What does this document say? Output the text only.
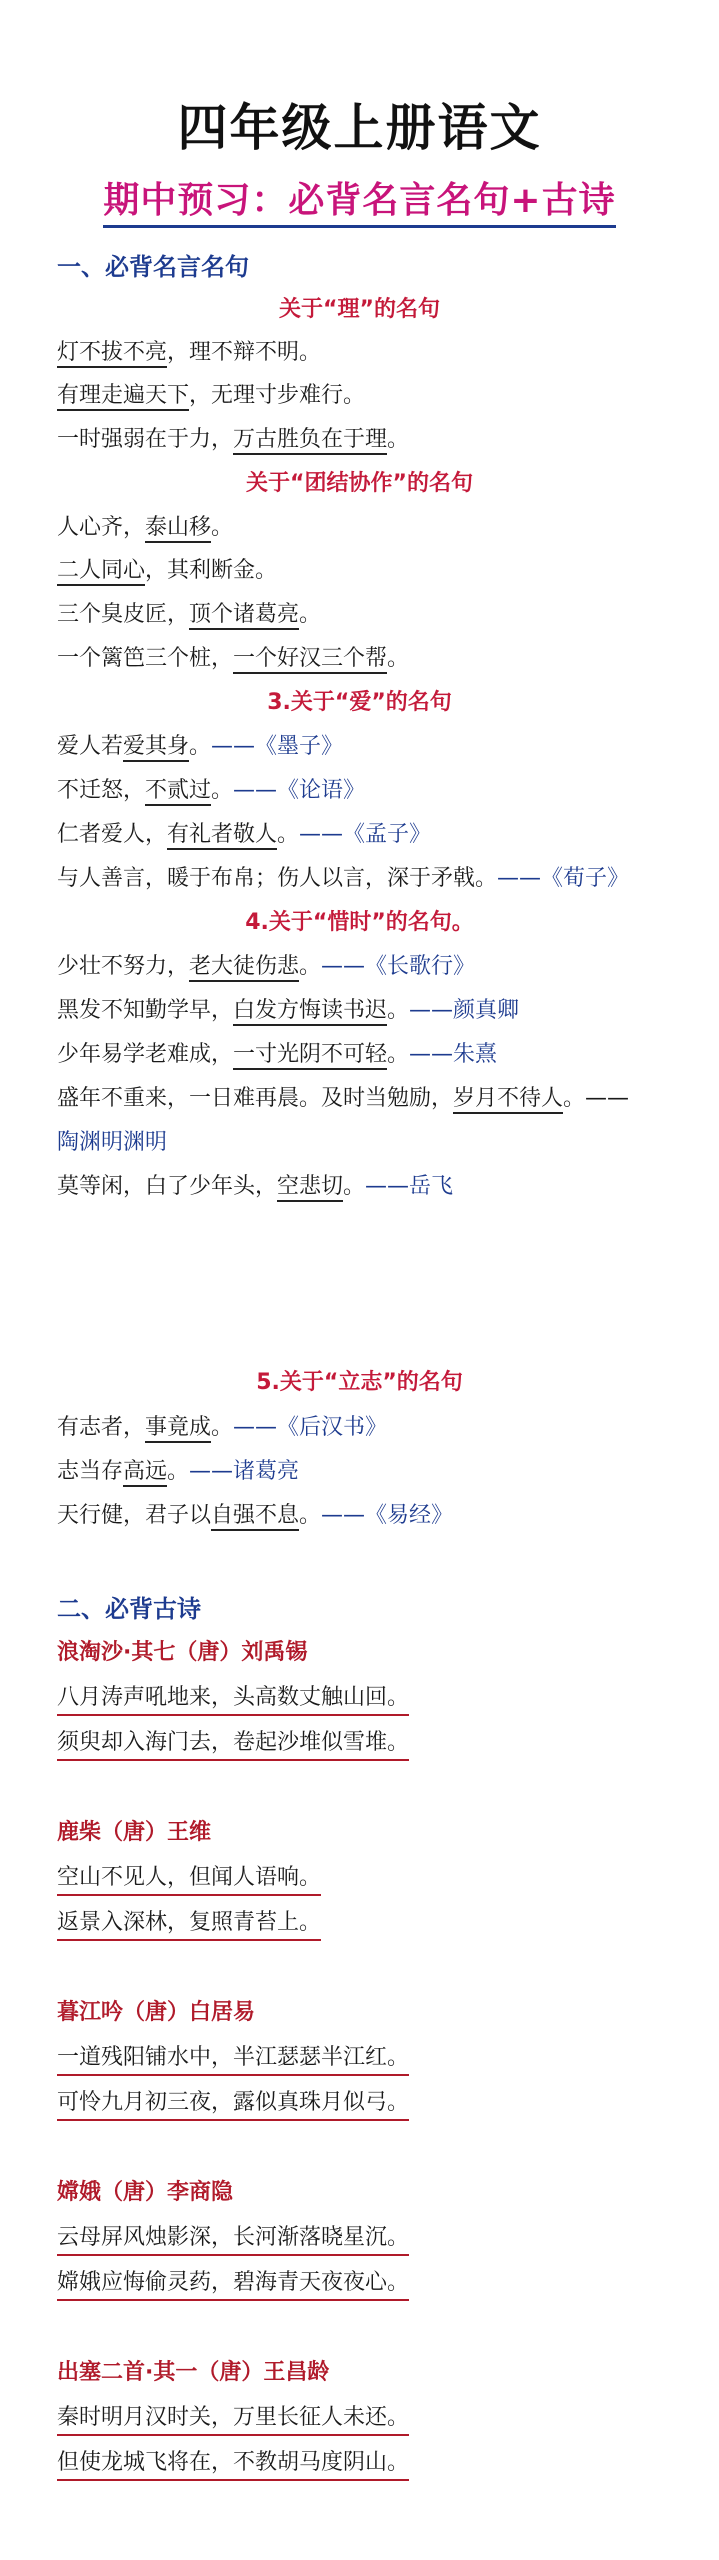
四年级上册语文
期中预习：必背名言名句+古诗
一、必背名言名句
关于“理”的名句
灯不拔不亮，理不辩不明。
有理走遍天下，无理寸步难行。
一时强弱在于力，万古胜负在于理。
关于“团结协作”的名句
人心齐，泰山移。
二人同心，其利断金。
三个臭皮匠，顶个诸葛亮。
一个篱笆三个桩，一个好汉三个帮。
3.关于“爱”的名句
爱人若爱其身。——《墨子》
不迁怒，不贰过。——《论语》
仁者爱人，有礼者敬人。——《孟子》
与人善言，暖于布帛；伤人以言，深于矛戟。——《荀子》
4.关于“惜时”的名句。
少壮不努力，老大徒伤悲。——《长歌行》
黑发不知勤学早，白发方悔读书迟。——颜真卿
少年易学老难成，一寸光阴不可轻。——朱熹
盛年不重来，一日难再晨。及时当勉励，岁月不待人。——
陶渊明渊明
莫等闲，白了少年头，空悲切。——岳飞
5.关于“立志”的名句
有志者，事竟成。——《后汉书》
志当存高远。——诸葛亮
天行健，君子以自强不息。——《易经》
二、必背古诗
浪淘沙·其七（唐）刘禹锡
八月涛声吼地来，头高数丈触山回。
须臾却入海门去，卷起沙堆似雪堆。
鹿柴（唐）王维
空山不见人，但闻人语响。
返景入深林，复照青苔上。
暮江吟（唐）白居易
一道残阳铺水中，半江瑟瑟半江红。
可怜九月初三夜，露似真珠月似弓。
嫦娥（唐）李商隐
云母屏风烛影深，长河渐落晓星沉。
嫦娥应悔偷灵药，碧海青天夜夜心。
出塞二首·其一（唐）王昌龄
秦时明月汉时关，万里长征人未还。
但使龙城飞将在，不教胡马度阴山。
